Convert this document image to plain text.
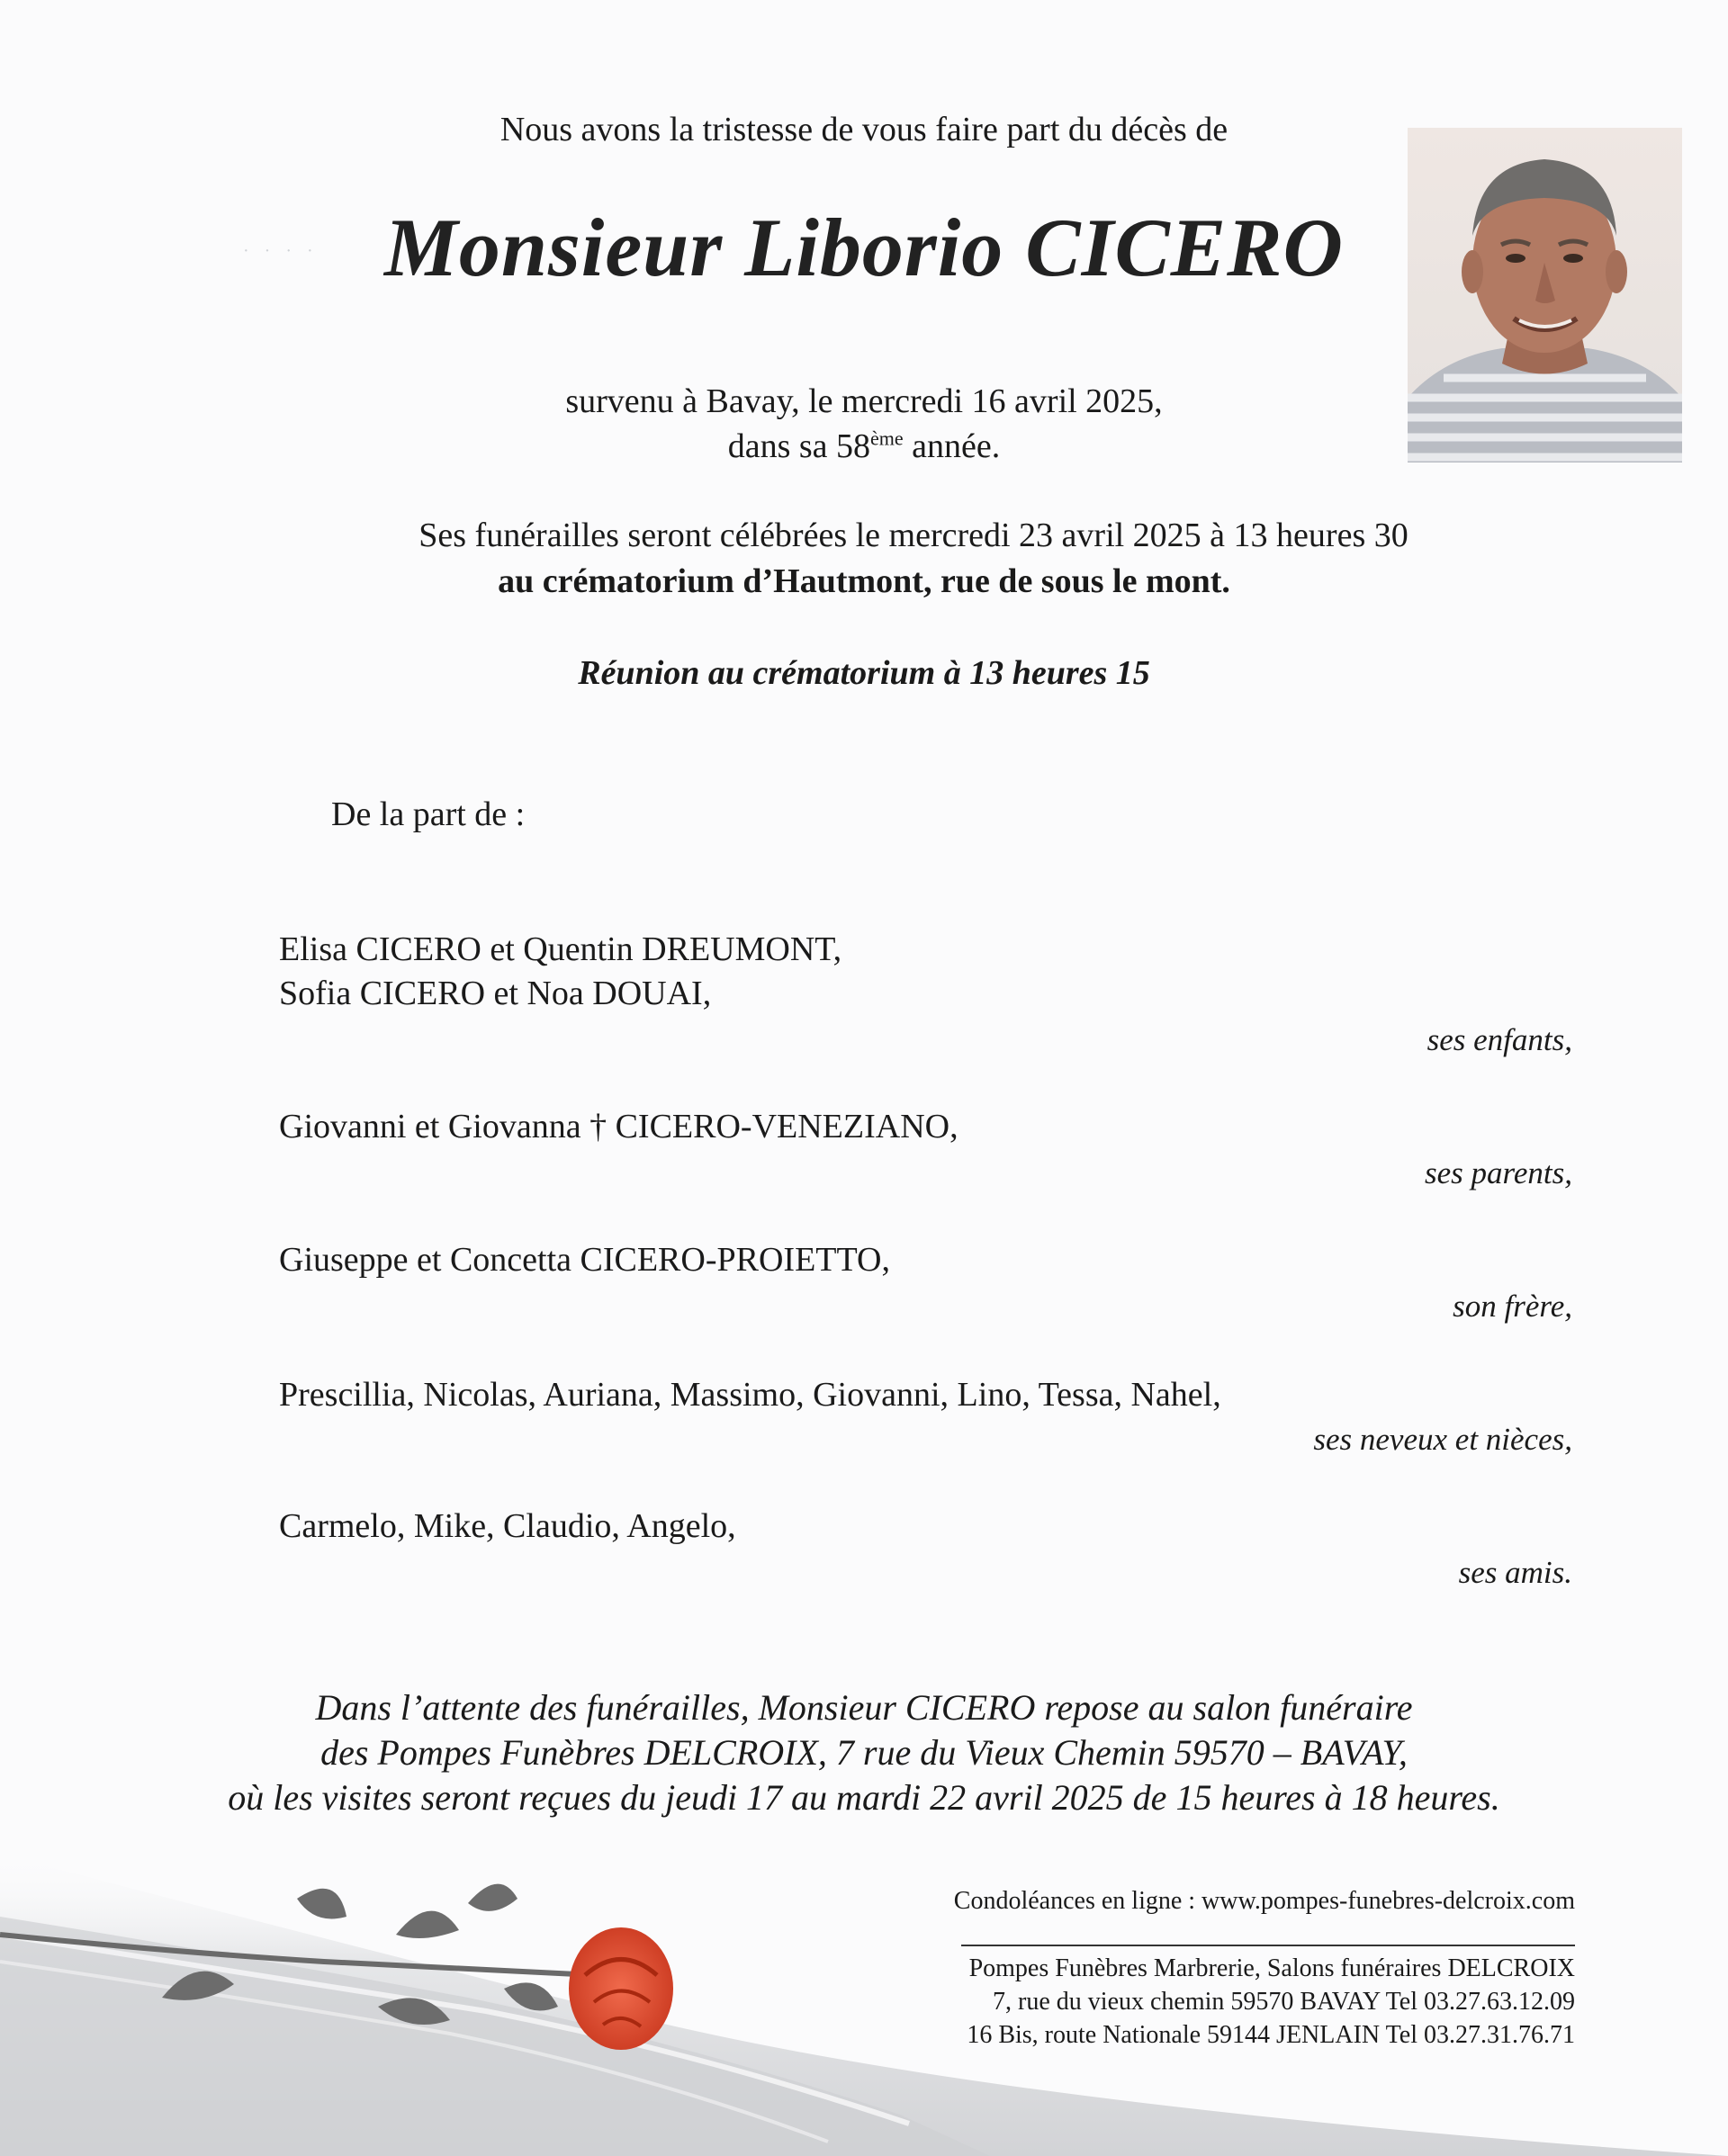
· · · ·
Nous avons la tristesse de vous faire part du décès de
Monsieur Liborio CICERO
survenu à Bavay, le mercredi 16 avril 2025,
dans sa 58ème année.
Ses funérailles seront célébrées le mercredi 23 avril 2025 à 13 heures 30
au crématorium d’Hautmont, rue de sous le mont.
Réunion au crématorium à 13 heures 15
De la part de :
Elisa CICERO et Quentin DREUMONT,
Sofia CICERO et Noa DOUAI,
ses enfants,
Giovanni et Giovanna † CICERO-VENEZIANO,
ses parents,
Giuseppe et Concetta CICERO-PROIETTO,
son frère,
Prescillia, Nicolas, Auriana, Massimo, Giovanni, Lino, Tessa, Nahel,
ses neveux et nièces,
Carmelo, Mike, Claudio, Angelo,
ses amis.
Dans l’attente des funérailles, Monsieur CICERO repose au salon funéraire
des Pompes Funèbres DELCROIX, 7 rue du Vieux Chemin 59570 – BAVAY,
où les visites seront reçues du jeudi 17 au mardi 22 avril 2025 de 15 heures à 18 heures.
Condoléances en ligne : www.pompes-funebres-delcroix.com
Pompes Funèbres Marbrerie, Salons funéraires DELCROIX
7, rue du vieux chemin 59570 BAVAY Tel 03.27.63.12.09
16 Bis, route Nationale 59144 JENLAIN Tel 03.27.31.76.71
